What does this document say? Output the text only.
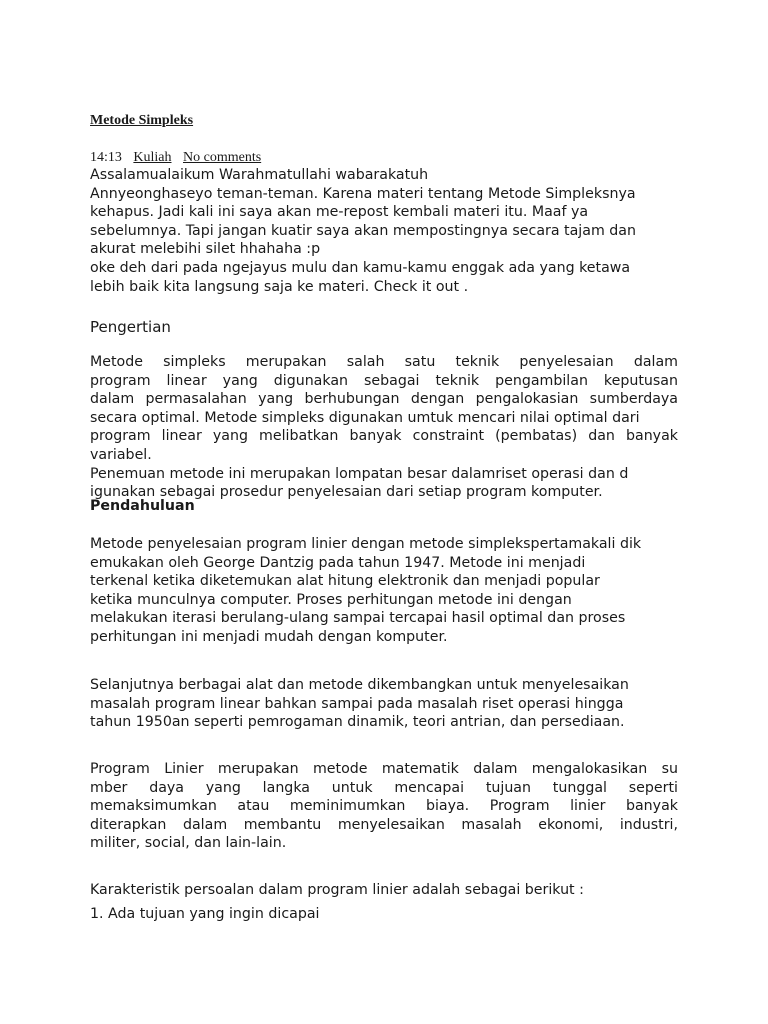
Metode Simpleks
14:13 Kuliah No comments
Assalamualaikum Warahmatullahi wabarakatuh
Annyeonghaseyo teman-teman. Karena materi tentang Metode Simpleksnya
kehapus. Jadi kali ini saya akan me-repost kembali materi itu. Maaf ya
sebelumnya. Tapi jangan kuatir saya akan mempostingnya secara tajam dan
akurat melebihi silet hhahaha :p
oke deh dari pada ngejayus mulu dan kamu-kamu enggak ada yang ketawa
lebih baik kita langsung saja ke materi. Check it out .
Pengertian
Metode simpleks merupakan salah satu teknik penyelesaian dalam
program linear yang digunakan sebagai teknik pengambilan keputusan
dalam permasalahan yang berhubungan dengan pengalokasian sumberdaya
secara optimal. Metode simpleks digunakan umtuk mencari nilai optimal dari
program linear yang melibatkan banyak constraint (pembatas) dan banyak
variabel.
Penemuan metode ini merupakan lompatan besar dalamriset operasi dan d
igunakan sebagai prosedur penyelesaian dari setiap program komputer.
Pendahuluan
Metode penyelesaian program linier dengan metode simplekspertamakali dik
emukakan oleh George Dantzig pada tahun 1947. Metode ini menjadi
terkenal ketika diketemukan alat hitung elektronik dan menjadi popular
ketika munculnya computer. Proses perhitungan metode ini dengan
melakukan iterasi berulang-ulang sampai tercapai hasil optimal dan proses
perhitungan ini menjadi mudah dengan komputer.
Selanjutnya berbagai alat dan metode dikembangkan untuk menyelesaikan
masalah program linear bahkan sampai pada masalah riset operasi hingga
tahun 1950an seperti pemrogaman dinamik, teori antrian, dan persediaan.
Program Linier merupakan metode matematik dalam mengalokasikan su
mber daya yang langka untuk mencapai tujuan tunggal seperti
memaksimumkan atau meminimumkan biaya. Program linier banyak
diterapkan dalam membantu menyelesaikan masalah ekonomi, industri,
militer, social, dan lain-lain.
Karakteristik persoalan dalam program linier adalah sebagai berikut :
1. Ada tujuan yang ingin dicapai
